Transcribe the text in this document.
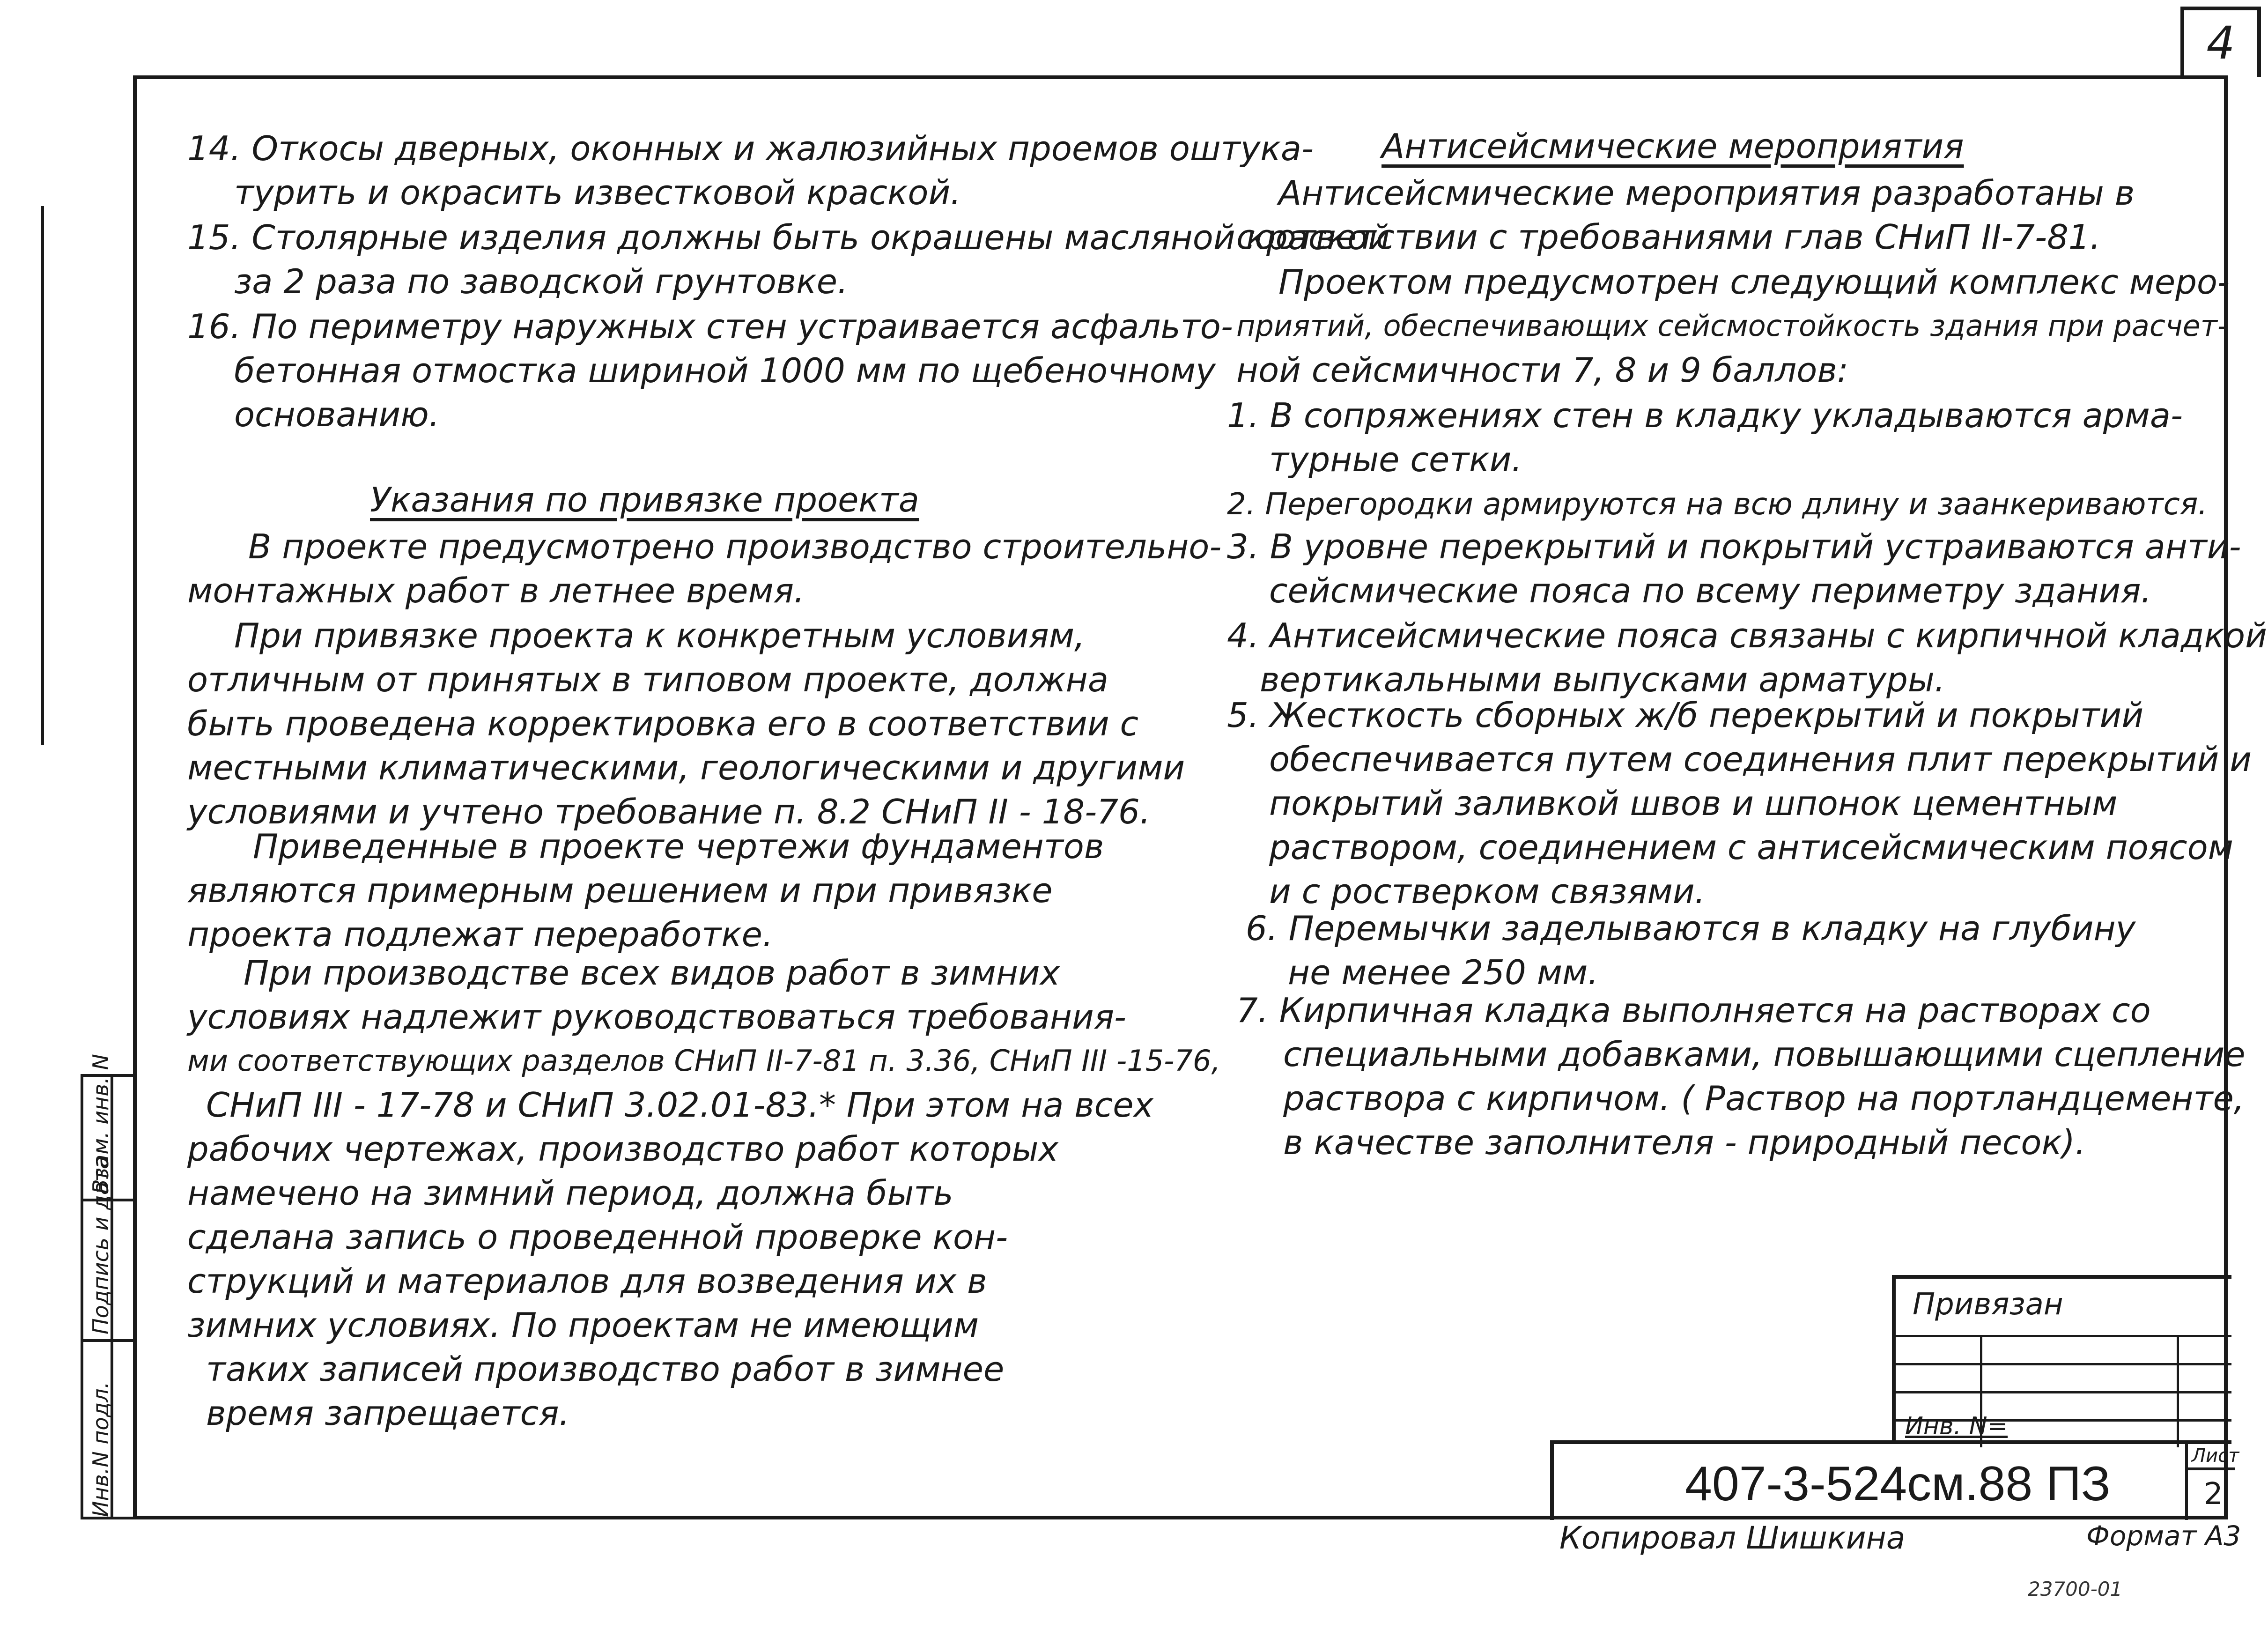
4
Инв.N подл.
Подпись и дата
Взам. инв. N
14. Откосы дверных, оконных и жалюзийных проемов оштука-
турить и окрасить известковой краской.
15. Столярные изделия должны быть окрашены масляной краской
за 2 раза по заводской грунтовке.
16. По периметру наружных стен устраивается асфальто-
бетонная отмостка шириной 1000 мм по щебеночному
основанию.
Указания по привязке проекта
В проекте предусмотрено производство строительно-
монтажных работ в летнее время.
При привязке проекта к конкретным условиям,
отличным от принятых в типовом проекте, должна
быть проведена корректировка его в соответствии с
местными климатическими, геологическими и другими
условиями и учтено требование п. 8.2 СНиП II - 18-76.
Приведенные в проекте чертежи фундаментов
являются примерным решением и при привязке
проекта подлежат переработке.
При производстве всех видов работ в зимних
условиях надлежит руководствоваться требования-
ми соответствующих разделов СНиП II-7-81 п. 3.36, СНиП III -15-76,
СНиП III - 17-78 и СНиП 3.02.01-83.* При этом на всех
рабочих чертежах, производство работ которых
намечено на зимний период, должна быть
сделана запись о проведенной проверке кон-
струкций и материалов для возведения их в
зимних условиях. По проектам не имеющим
таких записей производство работ в зимнее
время запрещается.
Антисейсмические мероприятия
Антисейсмические мероприятия разработаны в
соответствии с требованиями глав СНиП II-7-81.
Проектом предусмотрен следующий комплекс меро-
приятий, обеспечивающих сейсмостойкость здания при расчет-
ной сейсмичности 7, 8 и 9 баллов:
1. В сопряжениях стен в кладку укладываются арма-
турные сетки.
2. Перегородки армируются на всю длину и заанкериваются.
3. В уровне перекрытий и покрытий устраиваются анти-
сейсмические пояса по всему периметру здания.
4. Антисейсмические пояса связаны с кирпичной кладкой
вертикальными выпусками арматуры.
5. Жесткость сборных ж/б перекрытий и покрытий
обеспечивается путем соединения плит перекрытий и
покрытий заливкой швов и шпонок цементным
раствором, соединением с антисейсмическим поясом
и с ростверком связями.
6. Перемычки заделываются в кладку на глубину
не менее 250 мм.
7. Кирпичная кладка выполняется на растворах со
специальными добавками, повышающими сцепление
раствора с кирпичом. ( Раствор на портландцементе,
в качестве заполнителя - природный песок).
Привязан
Инв. N=
407-3-524см.88 ПЗ
Лист
2
Копировал Шишкина	Формат А3
23700-01
